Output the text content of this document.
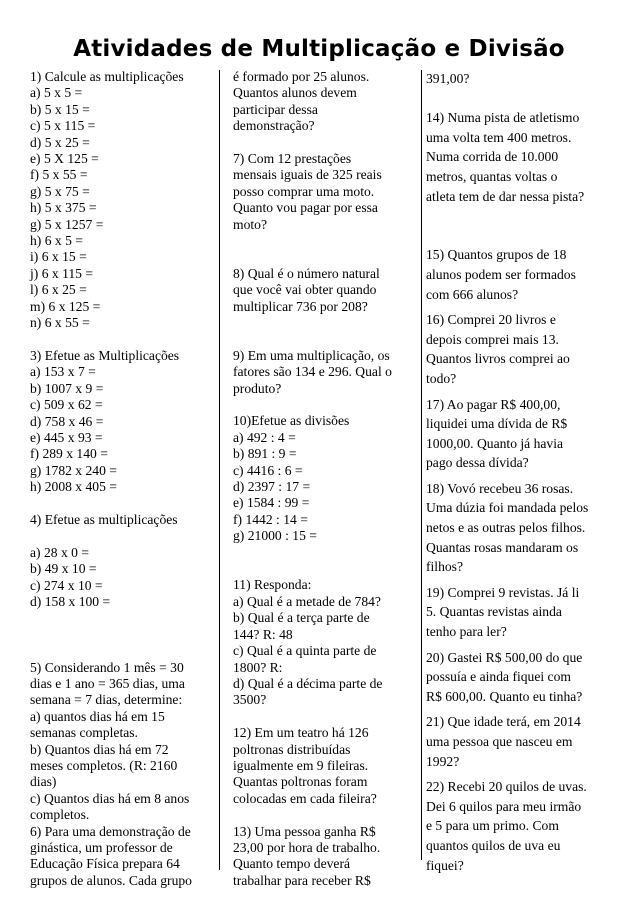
Atividades de Multiplicação e Divisão
1) Calcule as multiplicações
a) 5 x 5 =
b) 5 x 15 =
c) 5 x 115 =
d) 5 x 25 =
e) 5 X 125 =
f) 5 x 55 =
g) 5 x 75 =
h) 5 x 375 =
g) 5 x 1257 =
h) 6 x 5 =
i) 6 x 15 =
j) 6 x 115 =
l) 6 x 25 =
m) 6 x 125 =
n) 6 x 55 =
3) Efetue as Multiplicações
a) 153 x 7 =
b) 1007 x 9 =
c) 509 x 62 =
d) 758 x 46 =
e) 445 x 93 =
f) 289 x 140 =
g) 1782 x 240 =
h) 2008 x 405 =
4) Efetue as multiplicações
a) 28 x 0 =
b) 49 x 10 =
c) 274 x 10 =
d) 158 x 100 =
5) Considerando 1 mês = 30
dias e 1 ano = 365 dias, uma
semana = 7 dias, determine:
a) quantos dias há em 15
semanas completas.
b) Quantos dias há em 72
meses completos. (R: 2160
dias)
c) Quantos dias há em 8 anos
completos.
6) Para uma demonstração de
ginástica, um professor de
Educação Física prepara 64
grupos de alunos. Cada grupo
é formado por 25 alunos.
Quantos alunos devem
participar dessa
demonstração?
7) Com 12 prestações
mensais iguais de 325 reais
posso comprar uma moto.
Quanto vou pagar por essa
moto?
8) Qual é o número natural
que você vai obter quando
multiplicar 736 por 208?
9) Em uma multiplicação, os
fatores são 134 e 296. Qual o
produto?
10)Efetue as divisões
a) 492 : 4 =
b) 891 : 9 =
c) 4416 : 6 =
d) 2397 : 17 =
e) 1584 : 99 =
f) 1442 : 14 =
g) 21000 : 15 =
11) Responda:
a) Qual é a metade de 784?
b) Qual é a terça parte de
144? R: 48
c) Qual é a quinta parte de
1800? R:
d) Qual é a décima parte de
3500?
12) Em um teatro há 126
poltronas distribuídas
igualmente em 9 fileiras.
Quantas poltronas foram
colocadas em cada fileira?
13) Uma pessoa ganha R$
23,00 por hora de trabalho.
Quanto tempo deverá
trabalhar para receber R$
391,00?
14) Numa pista de atletismo
uma volta tem 400 metros.
Numa corrida de 10.000
metros, quantas voltas o
atleta tem de dar nessa pista?
15) Quantos grupos de 18
alunos podem ser formados
com 666 alunos?
16) Comprei 20 livros e
depois comprei mais 13.
Quantos livros comprei ao
todo?
17) Ao pagar R$ 400,00,
liquidei uma dívida de R$
1000,00. Quanto já havia
pago dessa dívida?
18) Vovó recebeu 36 rosas.
Uma dúzia foi mandada pelos
netos e as outras pelos filhos.
Quantas rosas mandaram os
filhos?
19) Comprei 9 revistas. Já li
5. Quantas revistas ainda
tenho para ler?
20) Gastei R$ 500,00 do que
possuía e ainda fiquei com
R$ 600,00. Quanto eu tinha?
21) Que idade terá, em 2014
uma pessoa que nasceu em
1992?
22) Recebi 20 quilos de uvas.
Dei 6 quilos para meu irmão
e 5 para um primo. Com
quantos quilos de uva eu
fiquei?
